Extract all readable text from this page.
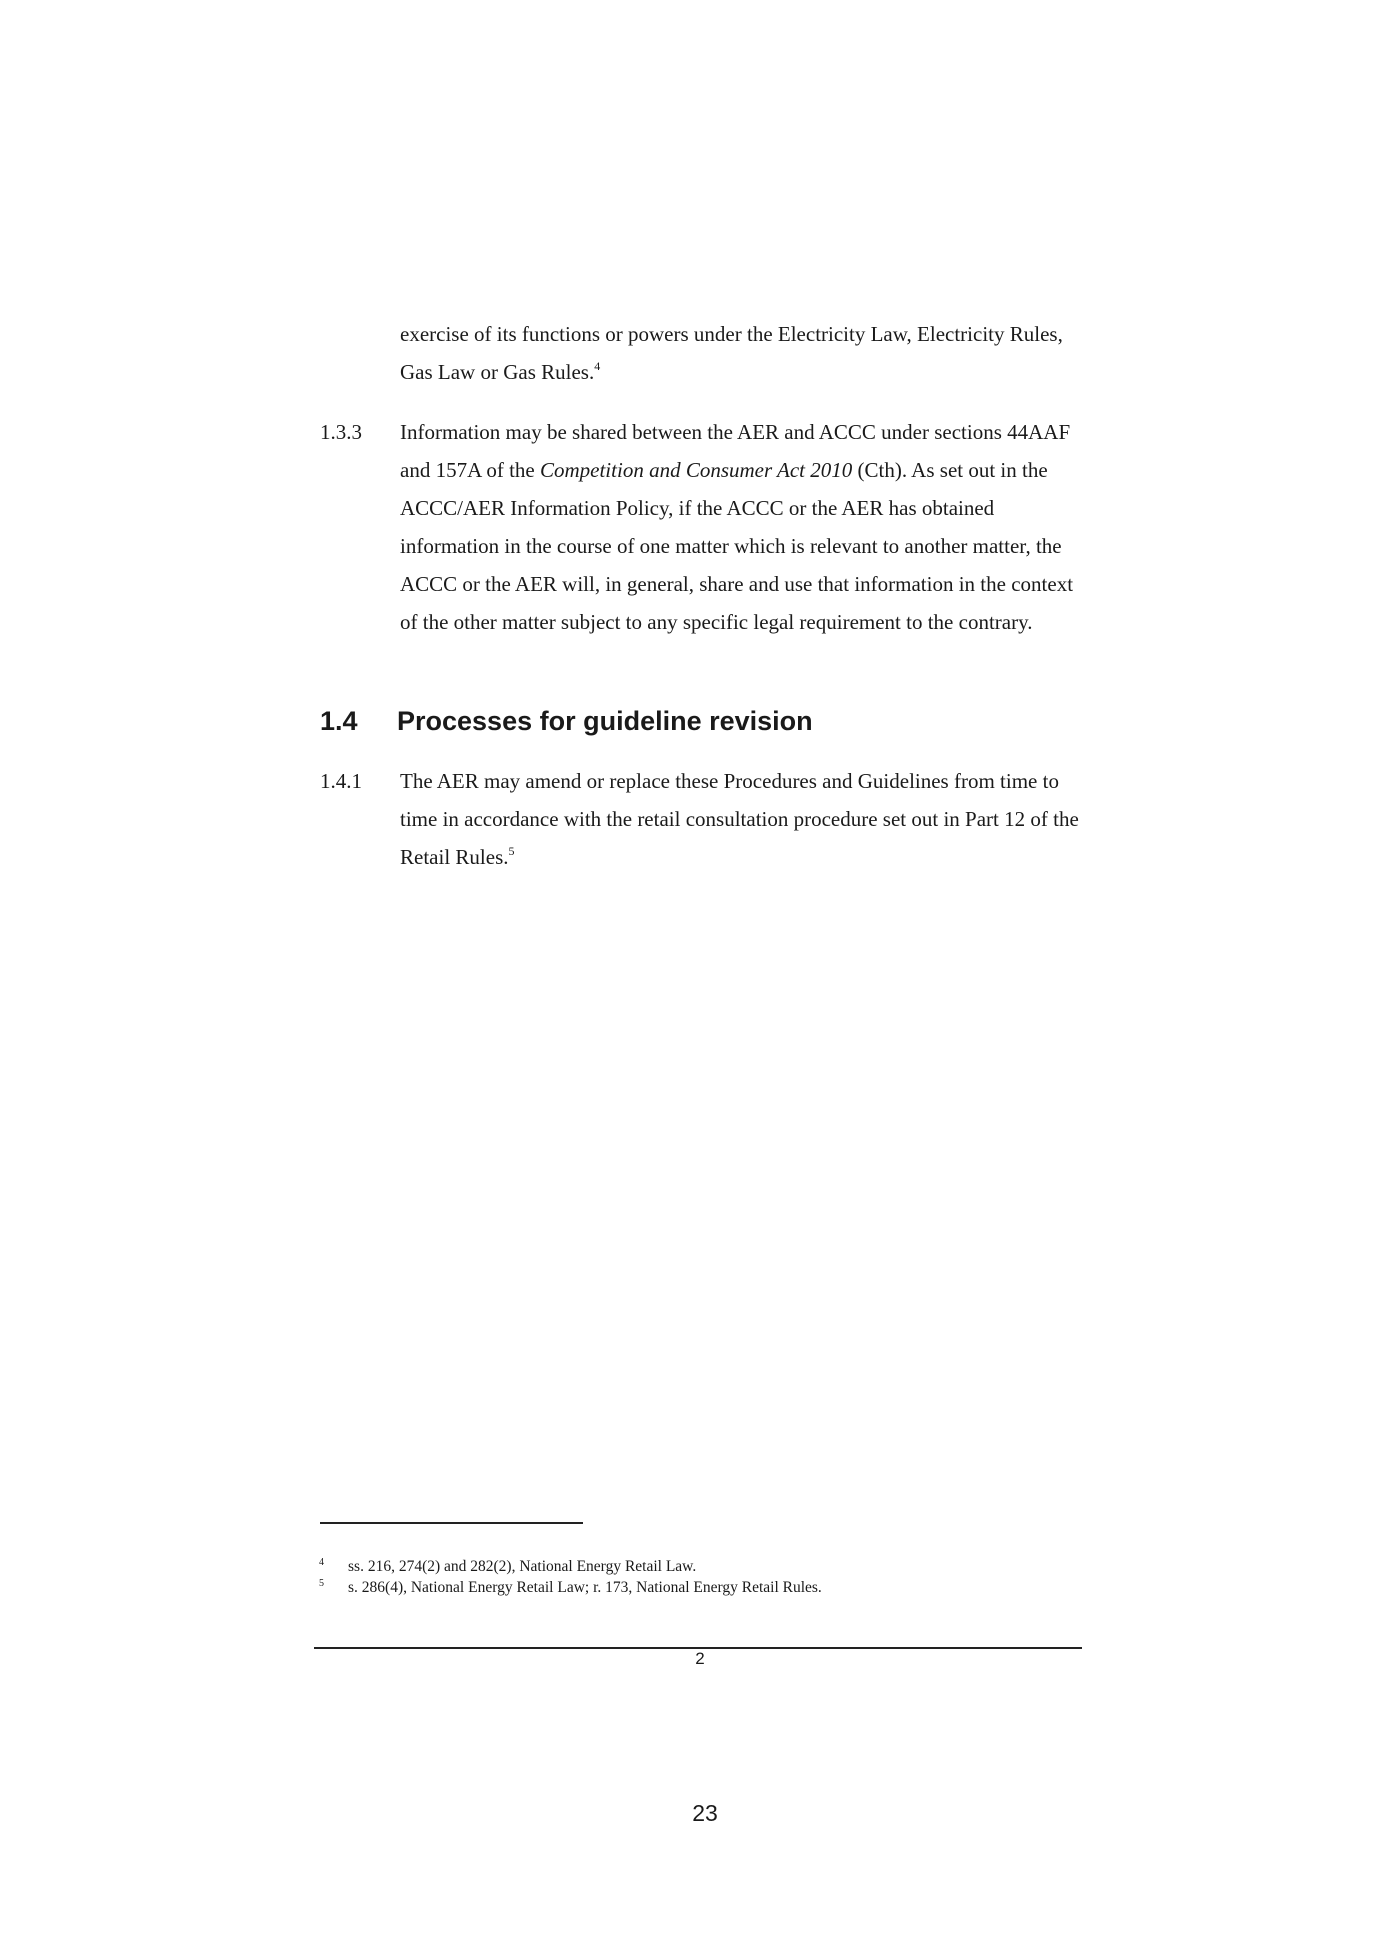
exercise of its functions or powers under the Electricity Law, Electricity Rules, Gas Law or Gas Rules.$^4$

1.3.3 Information may be shared between the AER and ACCC under sections 44AAF and 157A of the Competition and Consumer Act 2010 (Cth). As set out in the ACCC/AER Information Policy, if the ACCC or the AER has obtained information in the course of one matter which is relevant to another matter, the ACCC or the AER will, in general, share and use that information in the context of the other matter subject to any specific legal requirement to the contrary.

1.4 Processes for guideline revision

1.4.1 The AER may amend or replace these Procedures and Guidelines from time to time in accordance with the retail consultation procedure set out in Part 12 of the Retail Rules.$^5$

4 ss. 216, 274(2) and 282(2), National Energy Retail Law.
5 s. 286(4), National Energy Retail Law; r. 173, National Energy Retail Rules.
2
23
